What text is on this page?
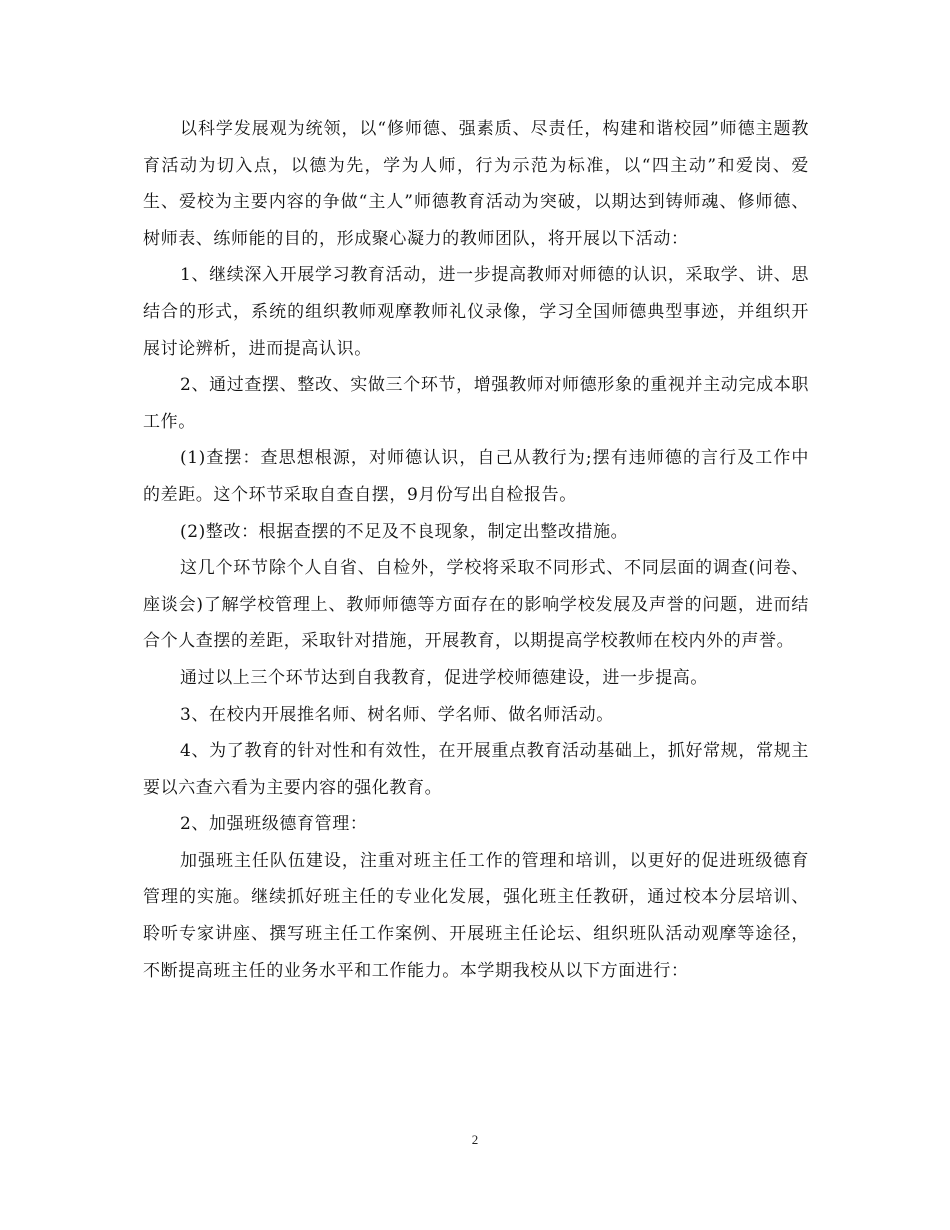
以科学发展观为统领，以“修师德、强素质、尽责任，构建和谐校园”师德主题教育活动为切入点，以德为先，学为人师，行为示范为标准，以“四主动”和爱岗、爱生、爱校为主要内容的争做“主人”师德教育活动为突破，以期达到铸师魂、修师德、树师表、练师能的目的，形成聚心凝力的教师团队，将开展以下活动：

1、继续深入开展学习教育活动，进一步提高教师对师德的认识，采取学、讲、思结合的形式，系统的组织教师观摩教师礼仪录像，学习全国师德典型事迹，并组织开展讨论辨析，进而提高认识。

2、通过查摆、整改、实做三个环节，增强教师对师德形象的重视并主动完成本职工作。

(1)查摆：查思想根源，对师德认识，自己从教行为;摆有违师德的言行及工作中的差距。这个环节采取自查自摆，9月份写出自检报告。

(2)整改：根据查摆的不足及不良现象，制定出整改措施。

这几个环节除个人自省、自检外，学校将采取不同形式、不同层面的调查(问卷、座谈会)了解学校管理上、教师师德等方面存在的影响学校发展及声誉的问题，进而结合个人查摆的差距，采取针对措施，开展教育，以期提高学校教师在校内外的声誉。

通过以上三个环节达到自我教育，促进学校师德建设，进一步提高。

3、在校内开展推名师、树名师、学名师、做名师活动。

4、为了教育的针对性和有效性，在开展重点教育活动基础上，抓好常规，常规主要以六查六看为主要内容的强化教育。

2、加强班级德育管理：

加强班主任队伍建设，注重对班主任工作的管理和培训，以更好的促进班级德育管理的实施。继续抓好班主任的专业化发展，强化班主任教研，通过校本分层培训、聆听专家讲座、撰写班主任工作案例、开展班主任论坛、组织班队活动观摩等途径，不断提高班主任的业务水平和工作能力。本学期我校从以下方面进行：

2
